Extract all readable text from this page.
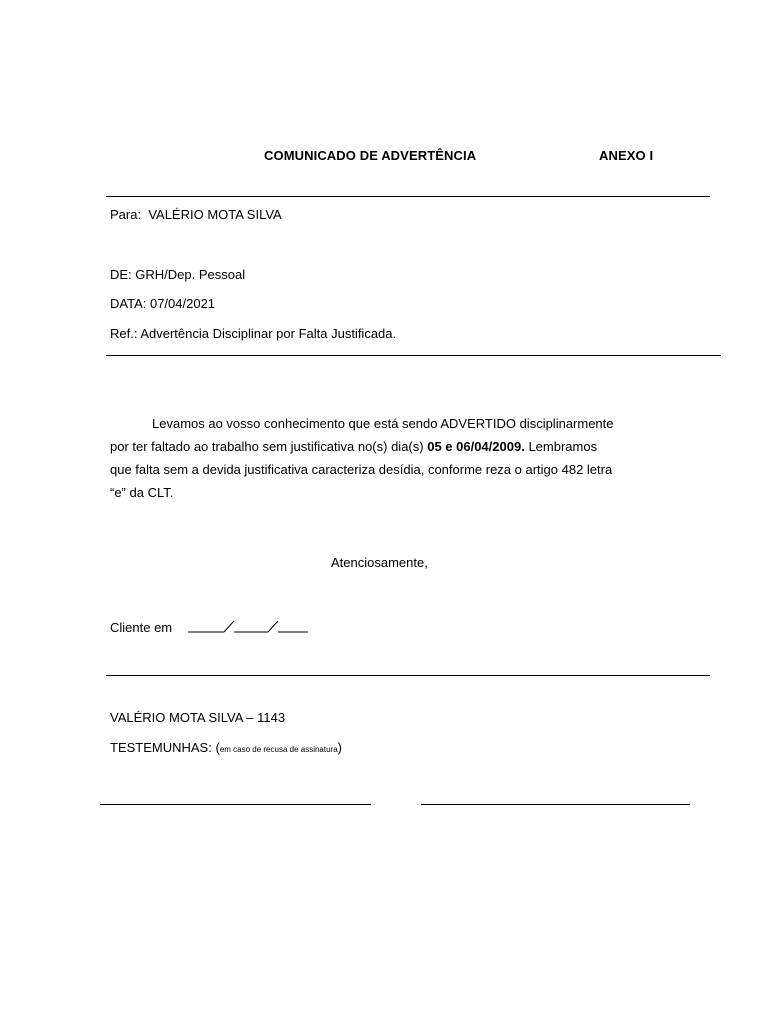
COMUNICADO DE ADVERTÊNCIA	ANEXO I
Para: VALÉRIO MOTA SILVA
DE: GRH/Dep. Pessoal
DATA: 07/04/2021
Ref.: Advertência Disciplinar por Falta Justificada.
Levamos ao vosso conhecimento que está sendo ADVERTIDO disciplinarmente
por ter faltado ao trabalho sem justificativa no(s) dia(s) 05 e 06/04/2009. Lembramos
que falta sem a devida justificativa caracteriza desídia, conforme reza o artigo 482 letra
“e” da CLT.
Atenciosamente,
Cliente em
VALÉRIO MOTA SILVA – 1143
TESTEMUNHAS: (em caso de recusa de assinatura)
